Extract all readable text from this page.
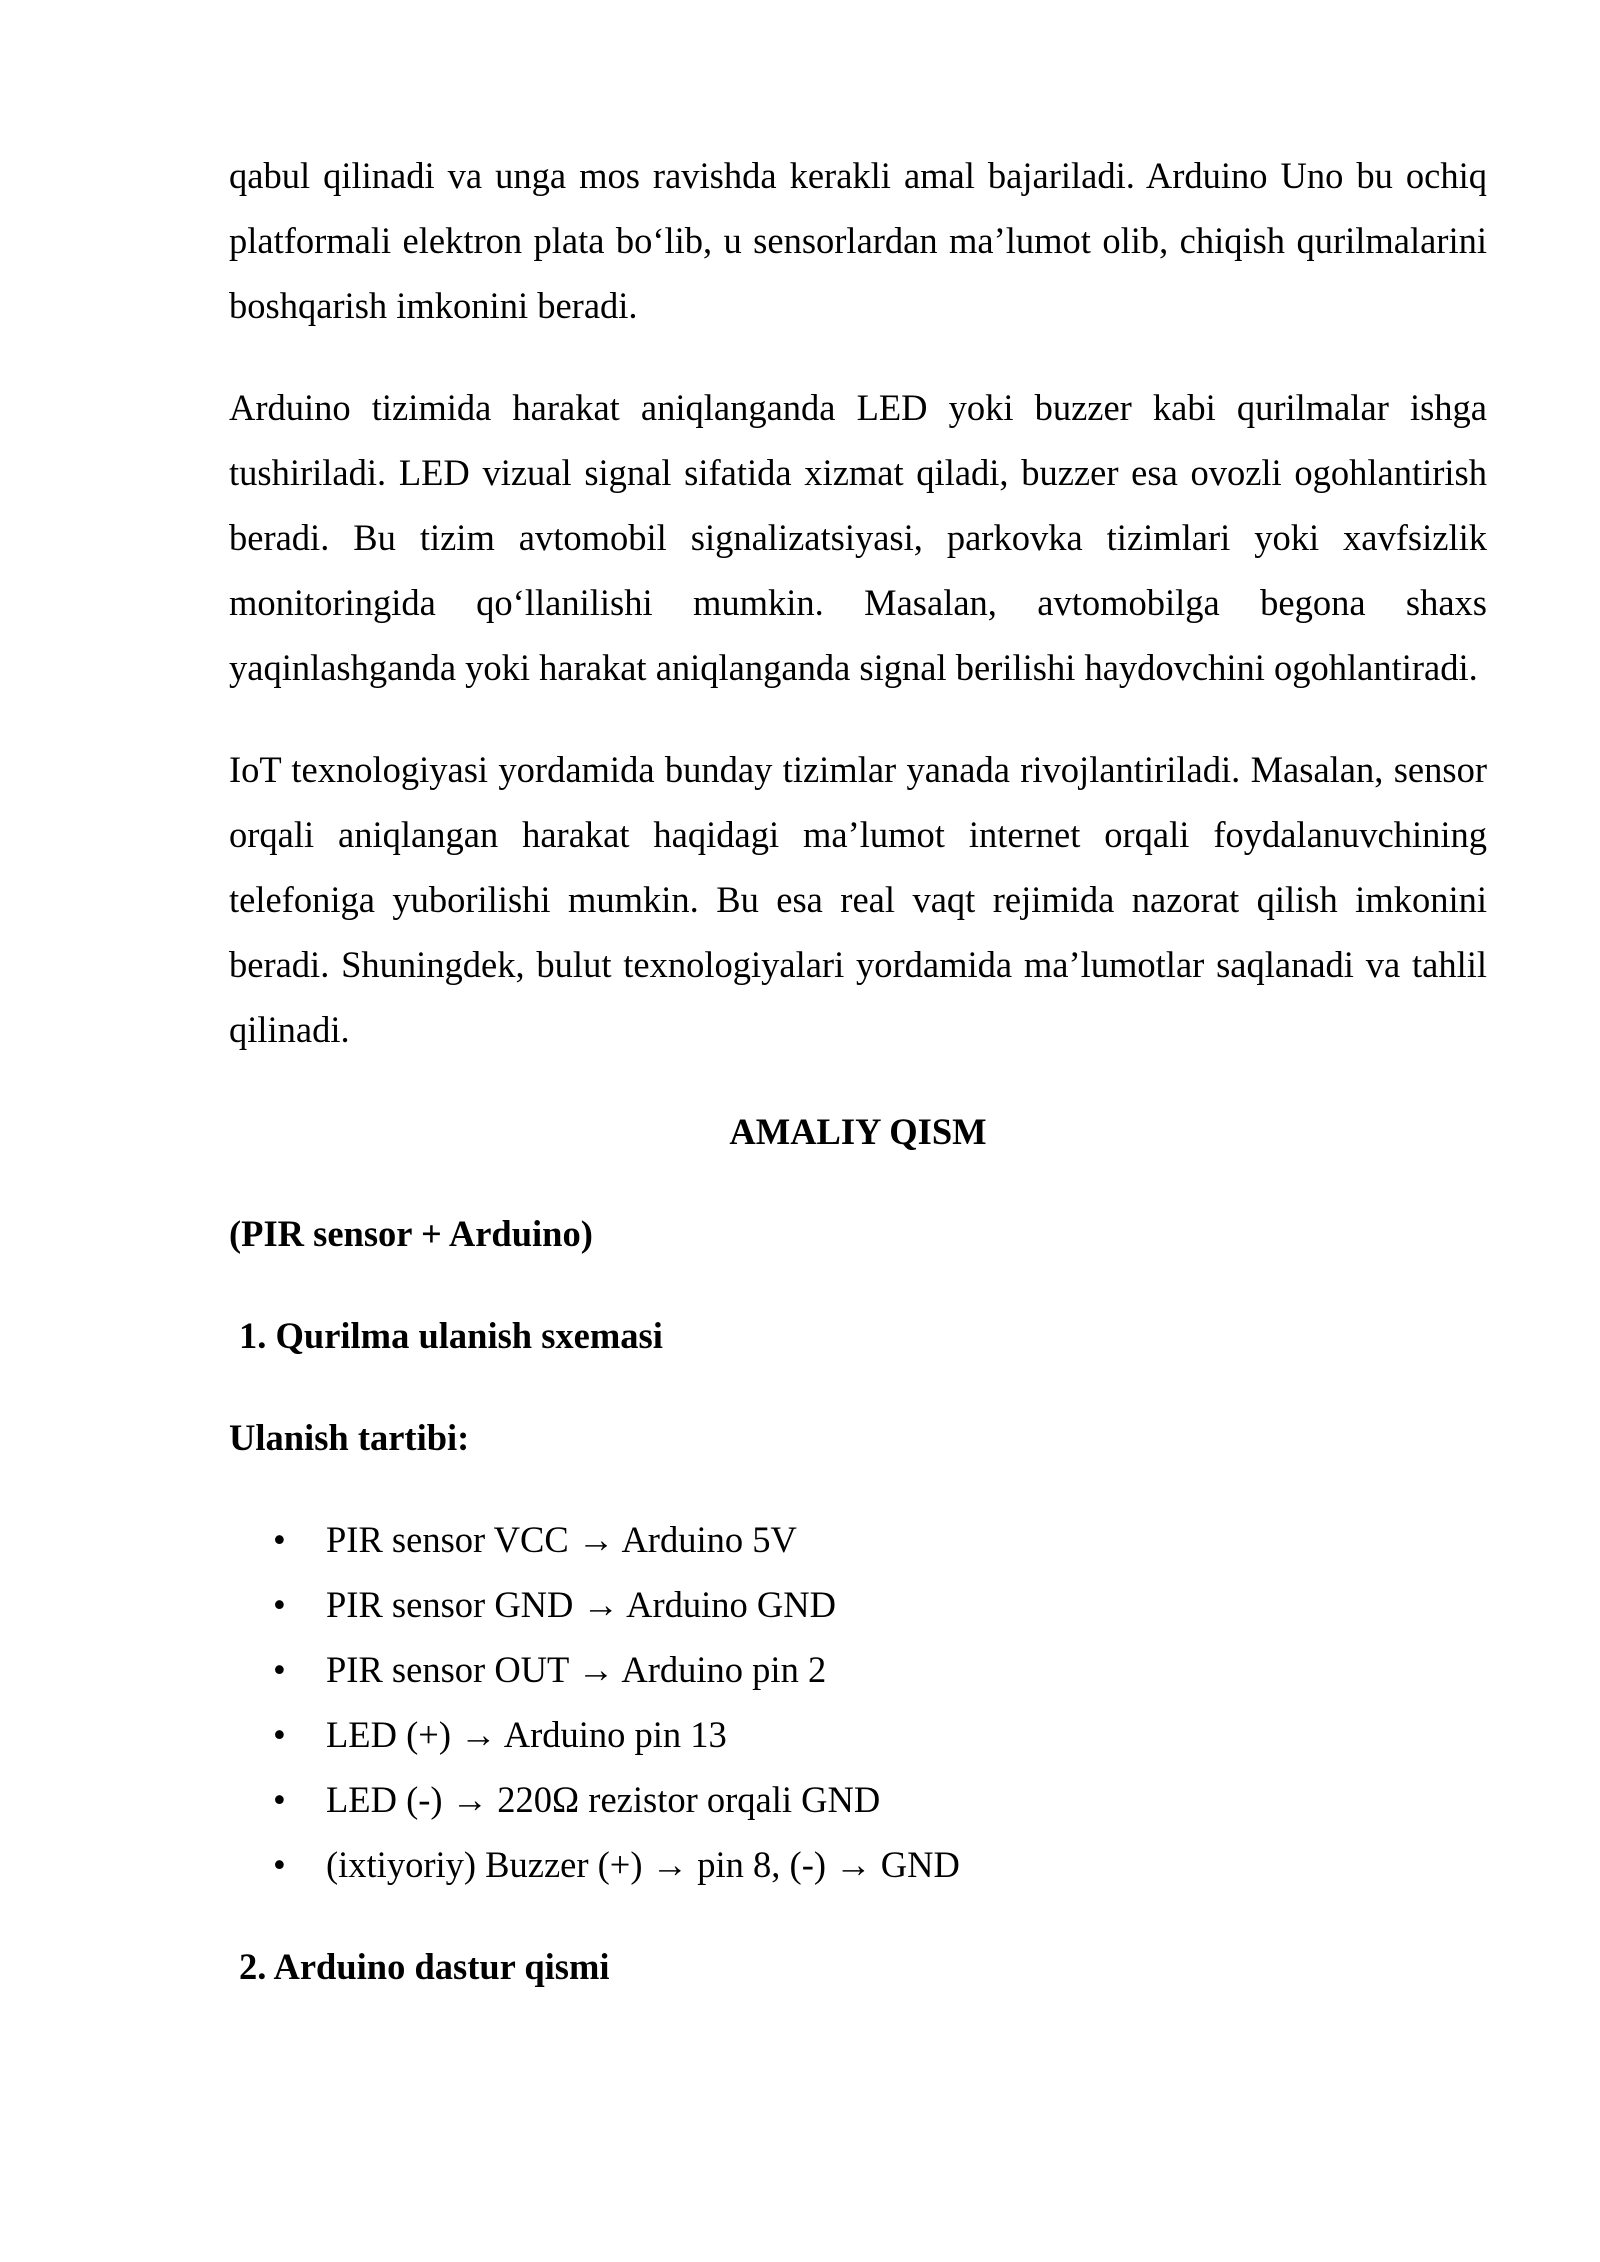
qabul qilinadi va unga mos ravishda kerakli amal bajariladi. Arduino Uno bu ochiq platformali elektron plata bo‘lib, u sensorlardan ma’lumot olib, chiqish qurilmalarini boshqarish imkonini beradi.

Arduino tizimida harakat aniqlanganda LED yoki buzzer kabi qurilmalar ishga tushiriladi. LED vizual signal sifatida xizmat qiladi, buzzer esa ovozli ogohlantirish beradi. Bu tizim avtomobil signalizatsiyasi, parkovka tizimlari yoki xavfsizlik monitoringida qo‘llanilishi mumkin. Masalan, avtomobilga begona shaxs yaqinlashganda yoki harakat aniqlanganda signal berilishi haydovchini ogohlantiradi.

IoT texnologiyasi yordamida bunday tizimlar yanada rivojlantiriladi. Masalan, sensor orqali aniqlangan harakat haqidagi ma’lumot internet orqali foydalanuvchining telefoniga yuborilishi mumkin. Bu esa real vaqt rejimida nazorat qilish imkonini beradi. Shuningdek, bulut texnologiyalari yordamida ma’lumotlar saqlanadi va tahlil qilinadi.

AMALIY QISM

(PIR sensor + Arduino)

1. Qurilma ulanish sxemasi

Ulanish tartibi:

• PIR sensor VCC → Arduino 5V
• PIR sensor GND → Arduino GND
• PIR sensor OUT → Arduino pin 2
• LED (+) → Arduino pin 13
• LED (-) → 220Ω rezistor orqali GND
• (ixtiyoriy) Buzzer (+) → pin 8, (-) → GND

2. Arduino dastur qismi
